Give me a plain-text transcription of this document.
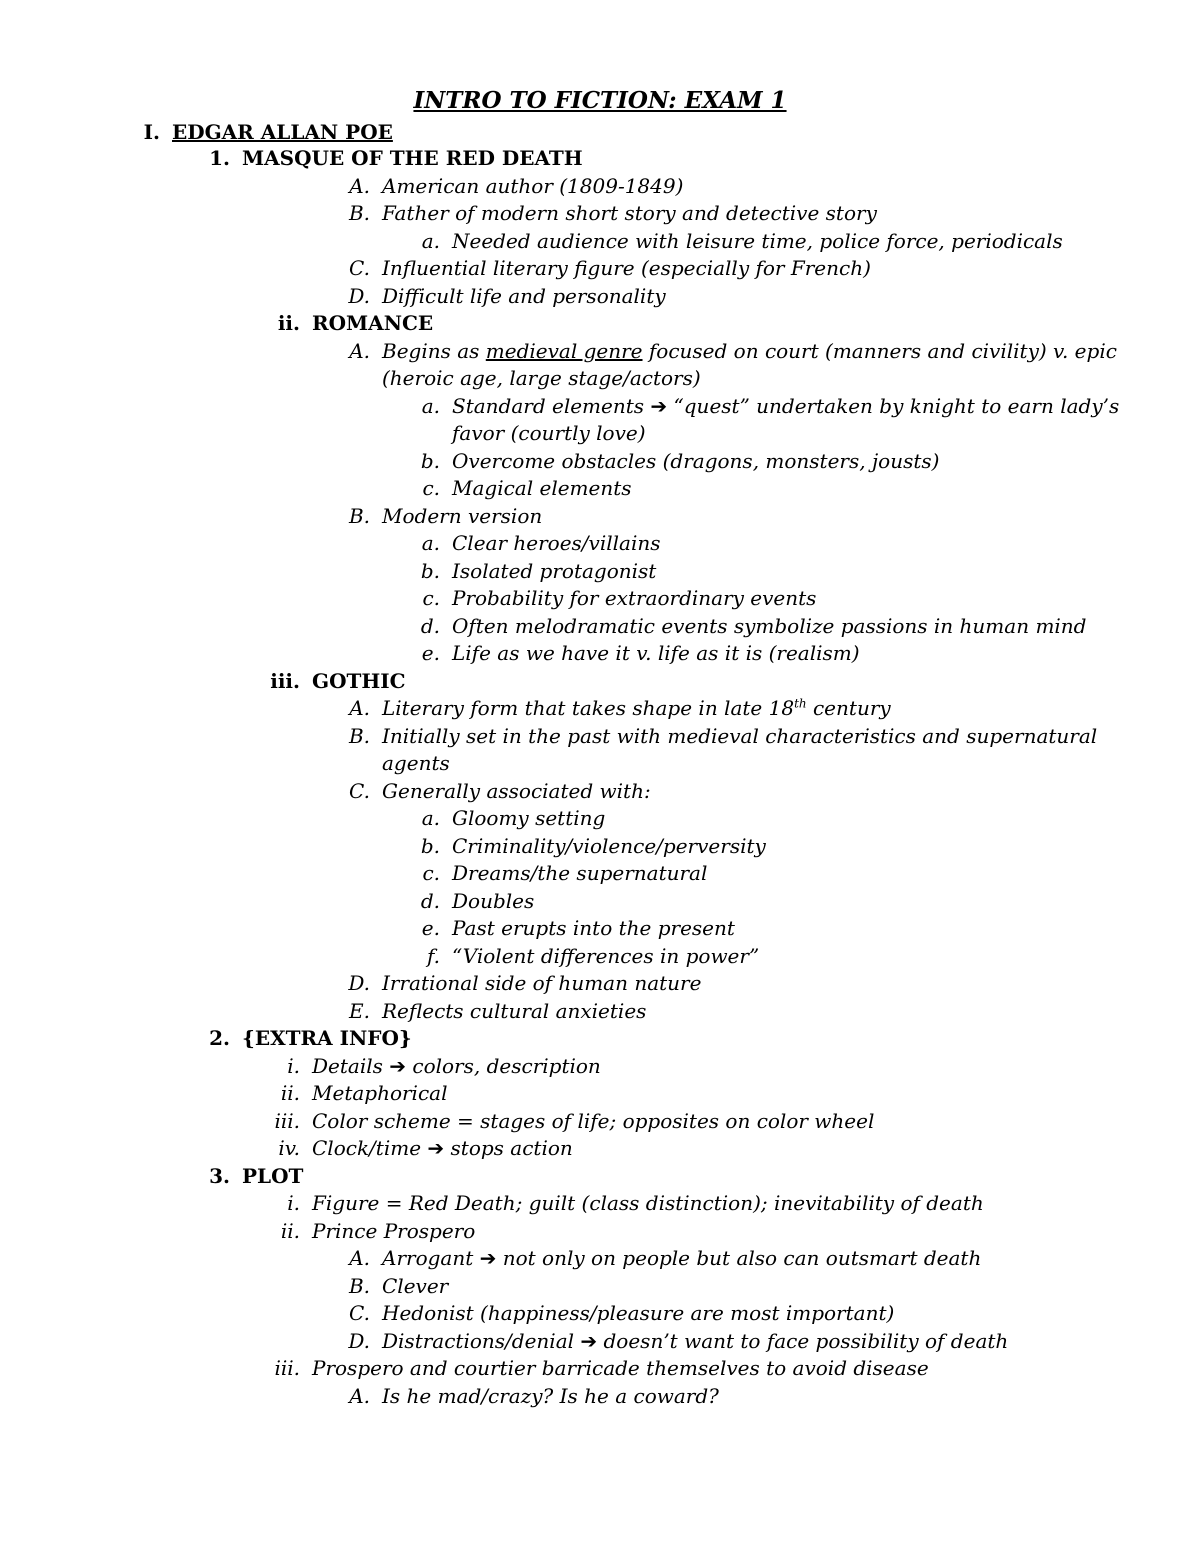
INTRO TO FICTION: EXAM 1
I. EDGAR ALLAN POE
1. MASQUE OF THE RED DEATH
A. American author (1809-1849)
B. Father of modern short story and detective story
a. Needed audience with leisure time, police force, periodicals
C. Influential literary figure (especially for French)
D. Difficult life and personality
ii. ROMANCE
A. Begins as medieval genre focused on court (manners and civility) v. epic
(heroic age, large stage/actors)
a. Standard elements ➔ “quest” undertaken by knight to earn lady’s
favor (courtly love)
b. Overcome obstacles (dragons, monsters, jousts)
c. Magical elements
B. Modern version
a. Clear heroes/villains
b. Isolated protagonist
c. Probability for extraordinary events
d. Often melodramatic events symbolize passions in human mind
e. Life as we have it v. life as it is (realism)
iii. GOTHIC
A. Literary form that takes shape in late 18th century
B. Initially set in the past with medieval characteristics and supernatural
agents
C. Generally associated with:
a. Gloomy setting
b. Criminality/violence/perversity
c. Dreams/the supernatural
d. Doubles
e. Past erupts into the present
f. “Violent differences in power”
D. Irrational side of human nature
E. Reflects cultural anxieties
2. {EXTRA INFO}
i. Details ➔ colors, description
ii. Metaphorical
iii. Color scheme = stages of life; opposites on color wheel
iv. Clock/time ➔ stops action
3. PLOT
i. Figure = Red Death; guilt (class distinction); inevitability of death
ii. Prince Prospero
A. Arrogant ➔ not only on people but also can outsmart death
B. Clever
C. Hedonist (happiness/pleasure are most important)
D. Distractions/denial ➔ doesn’t want to face possibility of death
iii. Prospero and courtier barricade themselves to avoid disease
A. Is he mad/crazy? Is he a coward?
